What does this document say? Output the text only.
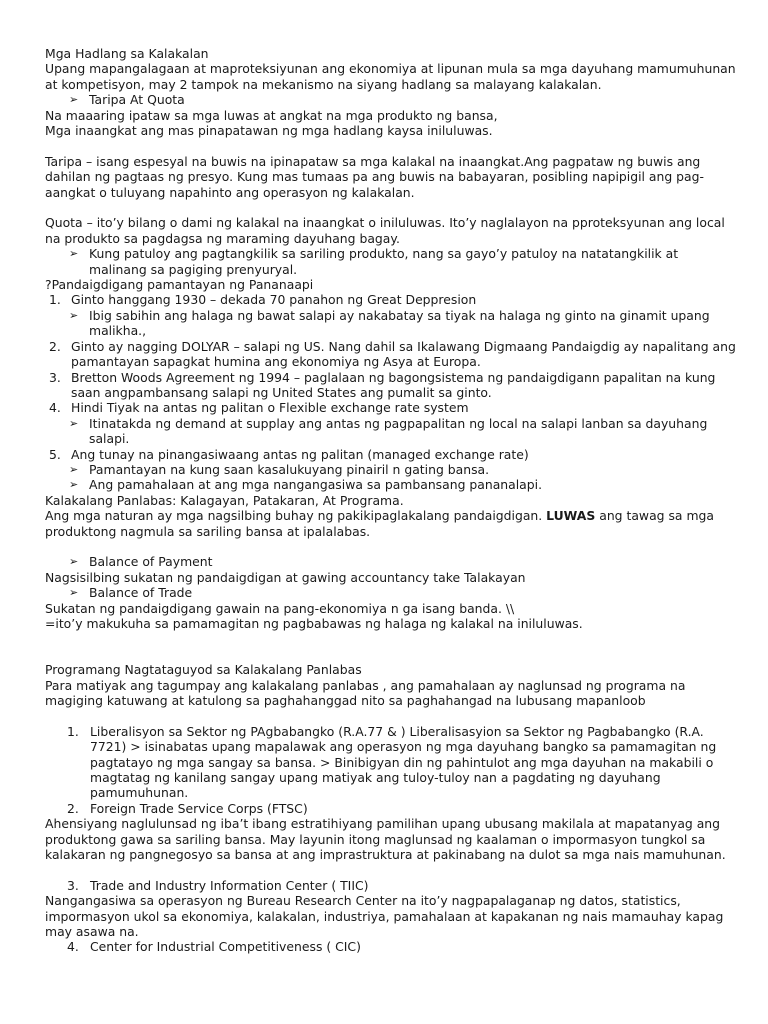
Mga Hadlang sa Kalakalan

Upang mapangalagaan at maproteksiyunan ang ekonomiya at lipunan mula sa mga dayuhang mamumuhunan at kompetisyon, may 2 tampok na mekanismo na siyang hadlang sa malayang kalakalan.

➢ Taripa At Quota

Na maaaring ipataw sa mga luwas at angkat na mga produkto ng bansa,

Mga inaangkat ang mas pinapatawan ng mga hadlang kaysa iniluluwas.

Taripa – isang espesyal na buwis na ipinapataw sa mga kalakal na inaangkat.Ang pagpataw ng buwis ang dahilan ng pagtaas ng presyo. Kung mas tumaas pa ang buwis na babayaran, posibling napipigil ang pag-aangkat o tuluyang napahinto ang operasyon ng kalakalan.

Quota – ito’y bilang o dami ng kalakal na inaangkat o iniluluwas. Ito’y naglalayon na pproteksyunan ang local na produkto sa pagdagsa ng maraming dayuhang bagay.

➢ Kung patuloy ang pagtangkilik sa sariling produkto, nang sa gayo’y patuloy na natatangkilik at malinang sa pagiging prenyuryal.

?Pandaigdigang pamantayan ng Pananaapi

1. Ginto hanggang 1930 – dekada 70 panahon ng Great Deppresion

➢ Ibig sabihin ang halaga ng bawat salapi ay nakabatay sa tiyak na halaga ng ginto na ginamit upang malikha.,

2. Ginto ay nagging DOLYAR – salapi ng US. Nang dahil sa Ikalawang Digmaang Pandaigdig ay napalitang ang pamantayan sapagkat humina ang ekonomiya ng Asya at Europa.

3. Bretton Woods Agreement ng 1994 – paglalaan ng bagongsistema ng pandaigdigann papalitan na kung saan angpambansang salapi ng United States ang pumalit sa ginto.

4. Hindi Tiyak na antas ng palitan o Flexible exchange rate system

➢ Itinatakda ng demand at supplay ang antas ng pagpapalitan ng local na salapi lanban sa dayuhang salapi.

5. Ang tunay na pinangasiwaang antas ng palitan (managed exchange rate)

➢ Pamantayan na kung saan kasalukuyang pinairil n gating bansa.

➢ Ang pamahalaan at ang mga nangangasiwa sa pambansang pananalapi.

Kalakalang Panlabas: Kalagayan, Patakaran, At Programa.

Ang mga naturan ay mga nagsilbing buhay ng pakikipaglakalang pandaigdigan. LUWAS ang tawag sa mga produktong nagmula sa sariling bansa at ipalalabas.

➢ Balance of Payment

Nagsisilbing sukatan ng pandaigdigan at gawing accountancy take Talakayan

➢ Balance of Trade

Sukatan ng pandaigdigang gawain na pang-ekonomiya n ga isang banda. \\

=ito’y makukuha sa pamamagitan ng pagbabawas ng halaga ng kalakal na iniluluwas.

Programang Nagtataguyod sa Kalakalang Panlabas

Para matiyak ang tagumpay ang kalakalang panlabas , ang pamahalaan ay naglunsad ng programa na magiging katuwang at katulong sa paghahanggad nito sa paghahangad na lubusang mapanloob

1. Liberalisyon sa Sektor ng PAgbabangko (R.A.77 & ) Liberalisasyion sa Sektor ng Pagbabangko (R.A. 7721) > isinabatas upang mapalawak ang operasyon ng mga dayuhang bangko sa pamamagitan ng pagtatayo ng mga sangay sa bansa. > Binibigyan din ng pahintulot ang mga dayuhan na makabili o magtatag ng kanilang sangay upang matiyak ang tuloy-tuloy nan a pagdating ng dayuhang pamumuhunan.

2. Foreign Trade Service Corps (FTSC)

Ahensiyang naglulunsad ng iba’t ibang estratihiyang pamilihan upang ubusang makilala at mapatanyag ang produktong gawa sa sariling bansa. May layunin itong maglunsad ng kaalaman o impormasyon tungkol sa kalakaran ng pangnegosyo sa bansa at ang imprastruktura at pakinabang na dulot sa mga nais mamuhunan.

3. Trade and Industry Information Center ( TIIC)

Nangangasiwa sa operasyon ng Bureau Research Center na ito’y nagpapalaganap ng datos, statistics, impormasyon ukol sa ekonomiya, kalakalan, industriya, pamahalaan at kapakanan ng nais mamauhay kapag may asawa na.

4. Center for Industrial Competitiveness ( CIC)
